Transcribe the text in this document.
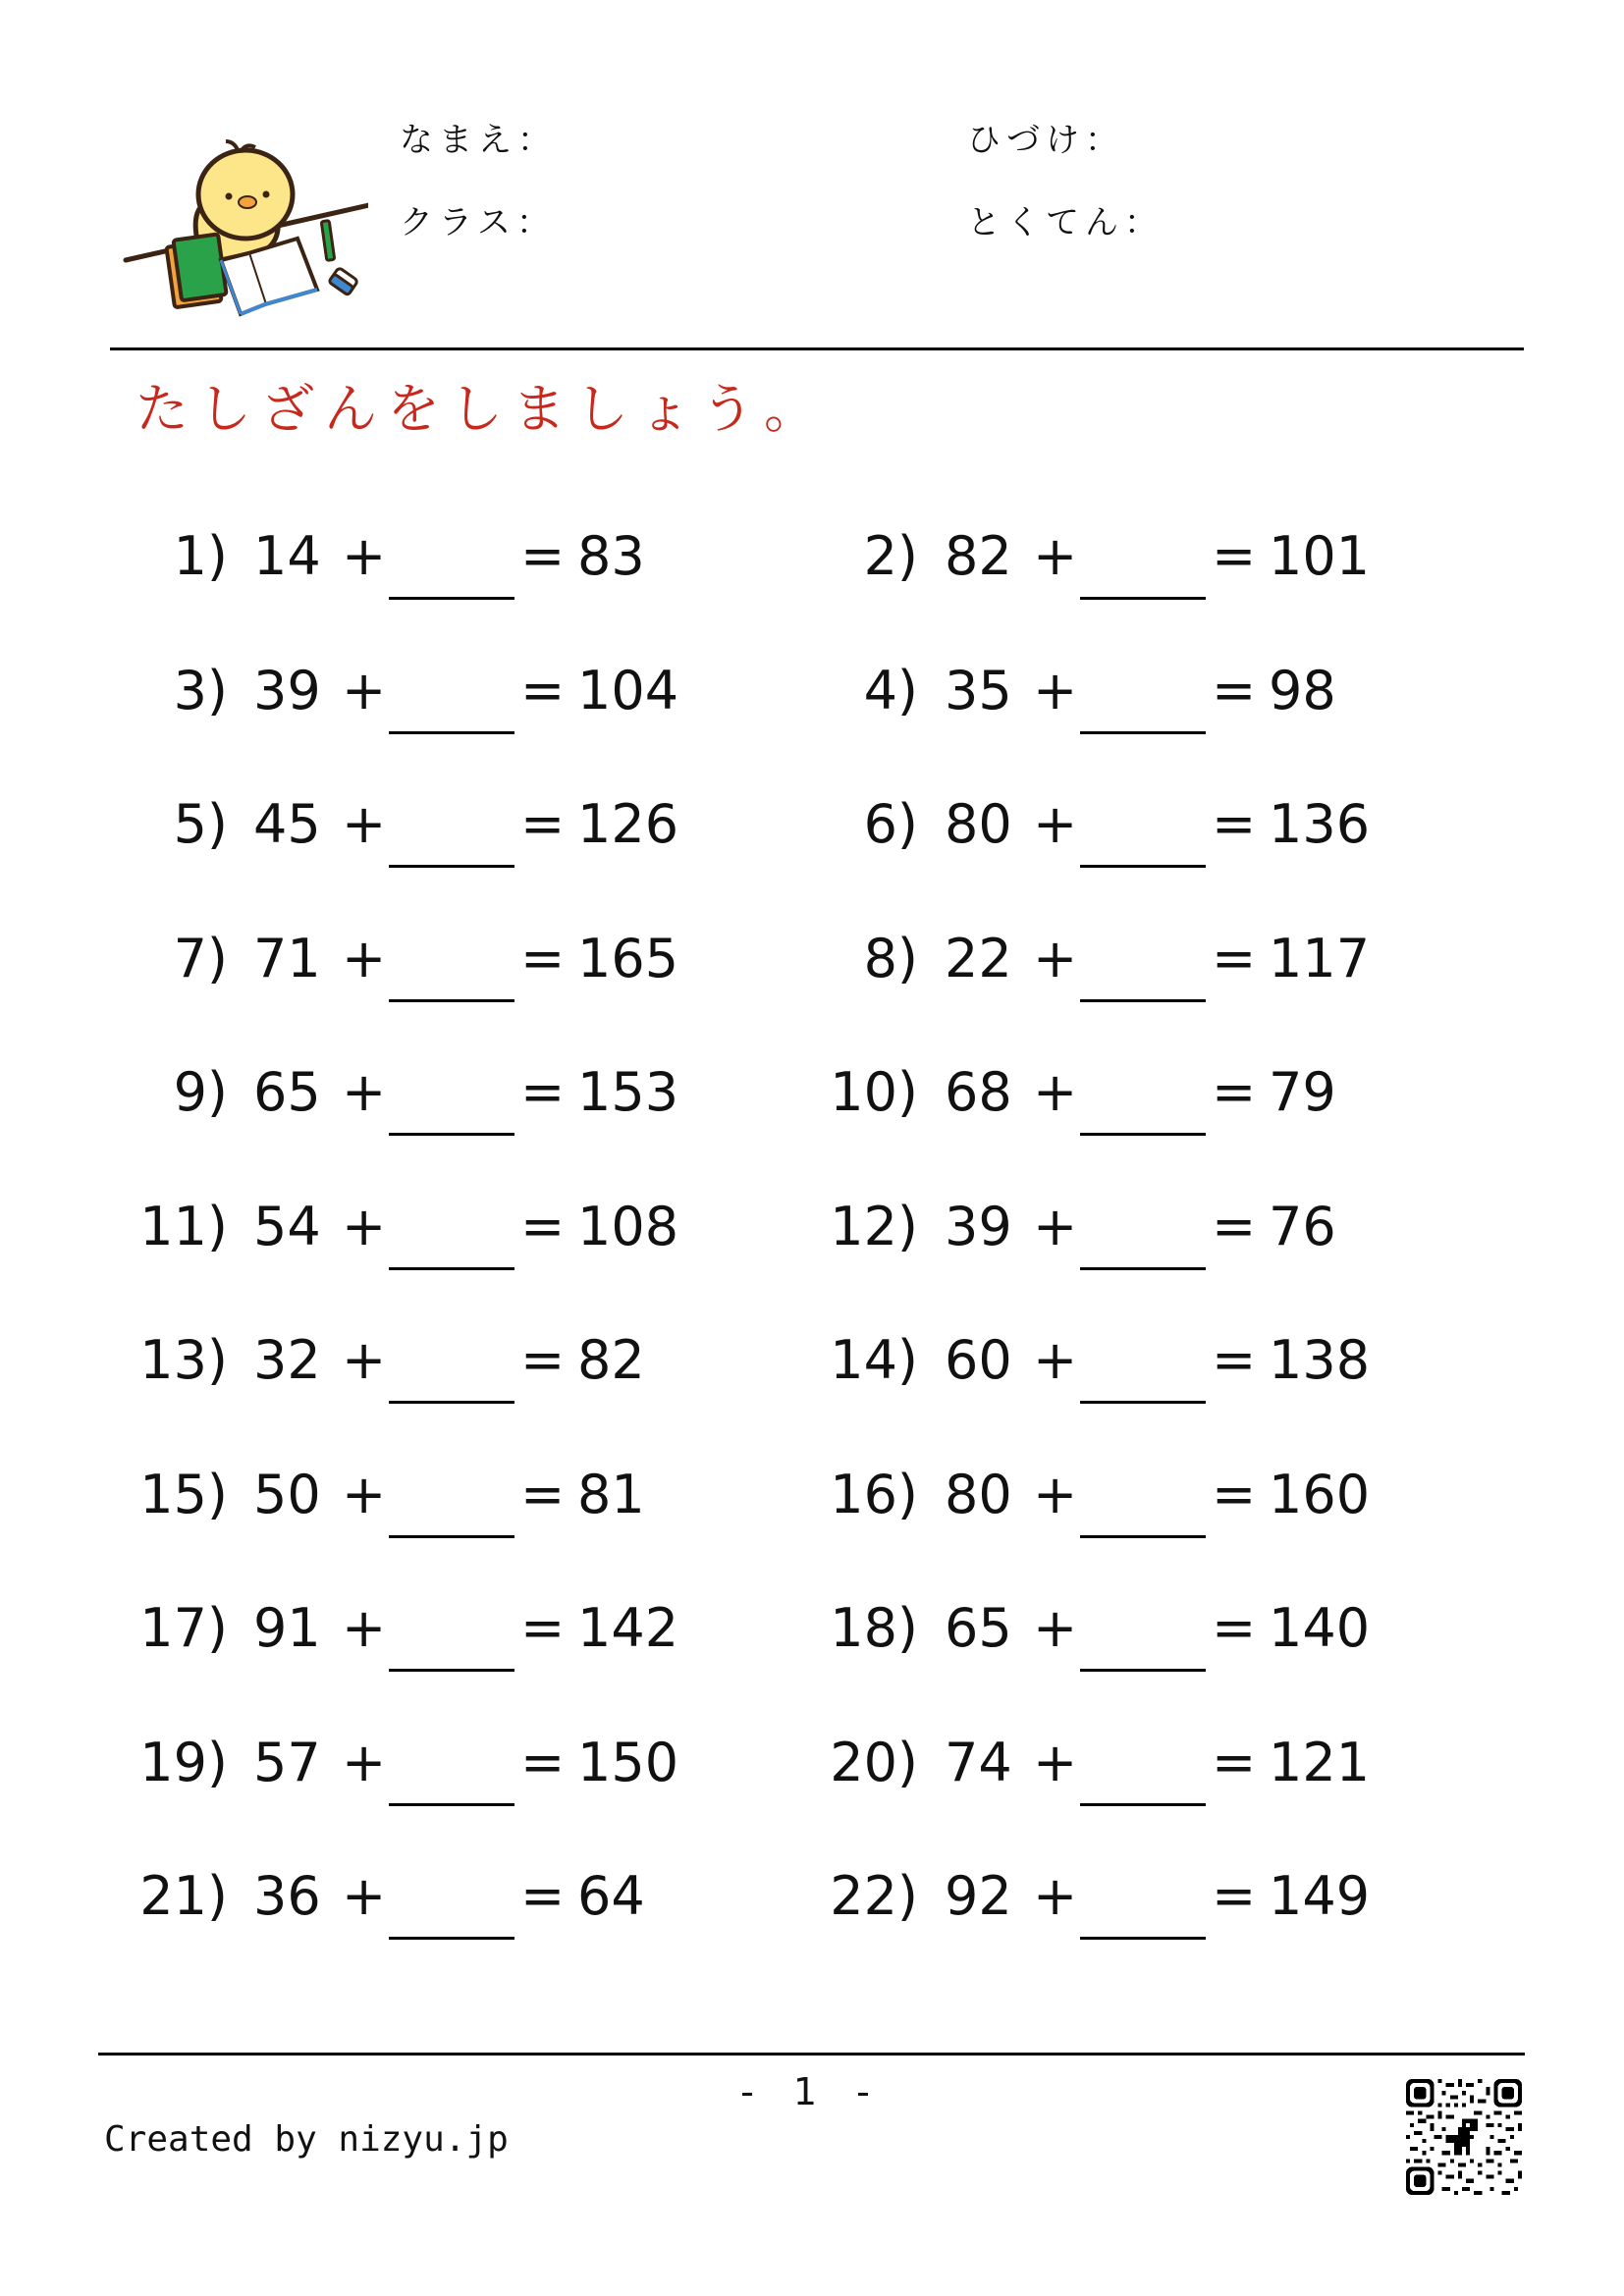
なまえ：	ひづけ：
クラス：	とくてん：
たしざんをしましょう。
1) 14 +	= 83	2) 82 +	= 101
3) 39 +	= 104	4) 35 +	= 98
5) 45 +	= 126	6) 80 +	= 136
7) 71 +	= 165	8) 22 +	= 117
9) 65 +	= 153	10) 68 +	= 79
11) 54 +	= 108	12) 39 +	= 76
13) 32 +	= 82	14) 60 +	= 138
15) 50 +	= 81	16) 80 +	= 160
17) 91 +	= 142	18) 65 +	= 140
19) 57 +	= 150	20) 74 +	= 121
21) 36 +	= 64	22) 92 +	= 149
- 1 -
Created by nizyu.jp
